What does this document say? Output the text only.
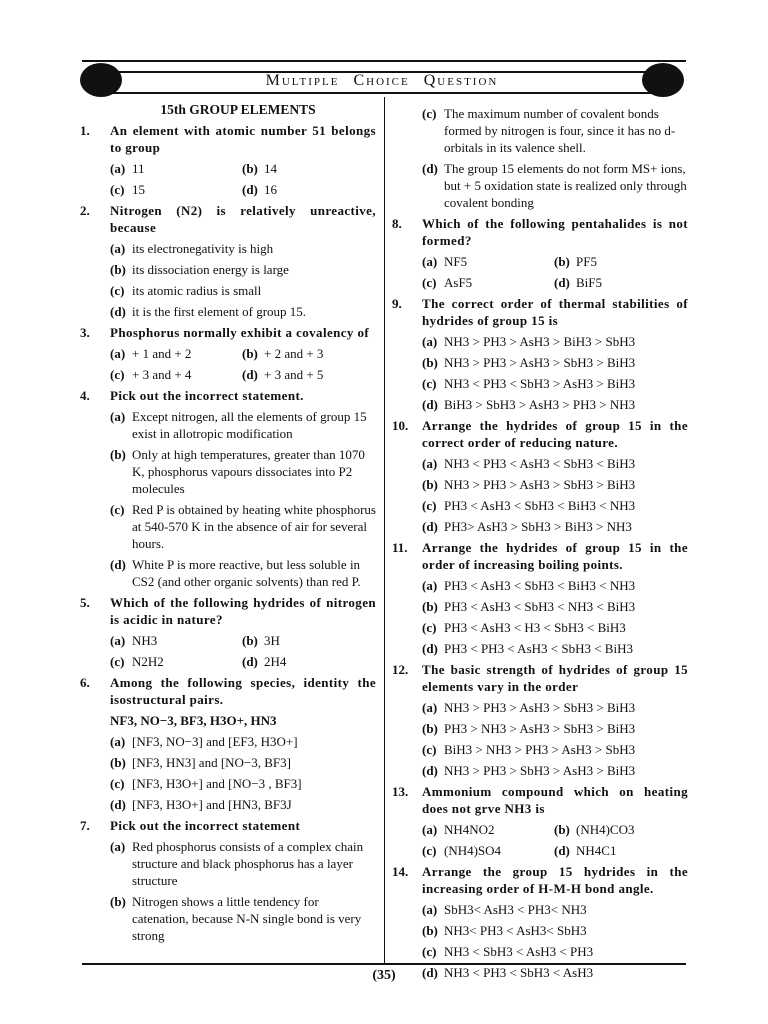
Multiple Choice Question
15th GROUP ELEMENTS
1.	An element with atomic number 51 belongs to group
(a) 11	(b) 14
(c) 15	(d) 16
2.	Nitrogen (N2) is relatively unreactive, because
(a) its electronegativity is high
(b) its dissociation energy is large
(c) its atomic radius is small
(d) it is the first element of group 15.
3.	Phosphorus normally exhibit a covalency of
(a) + 1 and + 2	(b) + 2 and + 3
(c) + 3 and + 4	(d) + 3 and + 5
4.	Pick out the incorrect statement.
(a) Except nitrogen, all the elements of group 15 exist in allotropic modification
(b) Only at high temperatures, greater than 1070 K, phosphorus vapours dissociates into P2 molecules
(c) Red P is obtained by heating white phosphorus at 540-570 K in the absence of air for several hours.
(d) White P is more reactive, but less soluble in CS2 (and other organic solvents) than red P.
5.	Which of the following hydrides of nitrogen is acidic in nature?
(a) NH3	(b) 3H
(c) N2H2	(d) 2H4
6.	Among the following species, identity the isostructural pairs.
NF3, NO−3, BF3, H3O+, HN3
(a) [NF3, NO−3] and [EF3, H3O+]
(b) [NF3, HN3] and [NO−3, BF3]
(c) [NF3, H3O+] and [NO−3 , BF3]
(d) [NF3, H3O+] and [HN3, BF3J
7.	Pick out the incorrect statement
(a) Red phosphorus consists of a complex chain structure and black phosphorus has a layer structure
(b) Nitrogen shows a little tendency for catenation, because N-N single bond is very strong
(c) The maximum number of covalent bonds formed by nitrogen is four, since it has no d-orbitals in its valence shell.
(d) The group 15 elements do not form MS+ ions, but + 5 oxidation state is realized only through covalent bonding
8.	Which of the following pentahalides is not formed?
(a) NF5	(b) PF5
(c) AsF5	(d) BiF5
9.	The correct order of thermal stabilities of hydrides of group 15 is
(a) NH3 > PH3 > AsH3 > BiH3 > SbH3
(b) NH3 > PH3 > AsH3 > SbH3 > BiH3
(c) NH3 < PH3 < SbH3 > AsH3 > BiH3
(d) BiH3 > SbH3 > AsH3 > PH3 > NH3
10.	Arrange the hydrides of group 15 in the correct order of reducing nature.
(a) NH3 < PH3 < AsH3 < SbH3 < BiH3
(b) NH3 > PH3 > AsH3 > SbH3 > BiH3
(c) PH3 < AsH3 < SbH3 < BiH3 < NH3
(d) PH3> AsH3 > SbH3 > BiH3 > NH3
11.	Arrange the hydrides of group 15 in the order of increasing boiling points.
(a) PH3 < AsH3 < SbH3 < BiH3 < NH3
(b) PH3 < AsH3 < SbH3 < NH3 < BiH3
(c) PH3 < AsH3 < H3 < SbH3 < BiH3
(d) PH3 < PH3 < AsH3 < SbH3 < BiH3
12.	The basic strength of hydrides of group 15 elements vary in the order
(a) NH3 > PH3 > AsH3 > SbH3 > BiH3
(b) PH3 > NH3 > AsH3 > SbH3 > BiH3
(c) BiH3 > NH3 > PH3 > AsH3 > SbH3
(d) NH3 > PH3 > SbH3 > AsH3 > BiH3
13.	Ammonium compound which on heating does not grve NH3 is
(a) NH4NO2	(b) (NH4)CO3
(c) (NH4)SO4	(d) NH4C1
14.	Arrange the group 15 hydrides in the increasing order of H-M-H bond angle.
(a) SbH3< AsH3 < PH3< NH3
(b) NH3< PH3 < AsH3< SbH3
(c) NH3 < SbH3 < AsH3 < PH3
(d) NH3 < PH3 < SbH3 < AsH3
(35)
